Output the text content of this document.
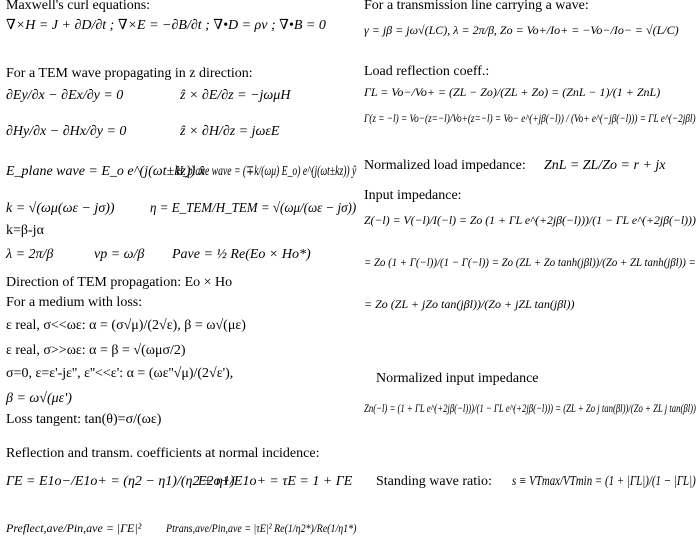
Maxwell's curl equations:
∇×H = J + ∂D/∂t ; ∇×E = −∂B/∂t ; ∇•D = ρv ; ∇•B = 0
For a TEM wave propagating in z direction:
∂Ey/∂x − ∂Ex/∂y = 0	ẑ × ∂E/∂z = −jωμH
∂Hy/∂x − ∂Hx/∂y = 0	ẑ × ∂H/∂z = jωεE
E_plane wave = E_o e^(j(ωt±kz)) x̂
H_plane wave = (∓k/(ωμ) E_o) e^(j(ωt±kz)) ŷ
k = √(ωμ(ωε − jσ))	η = E_TEM/H_TEM = √(ωμ/(ωε − jσ))
k=β-jα
λ = 2π/β	vp = ω/β Pave = ½ Re(Eo × Ho*)
Direction of TEM propagation: Eo × Ho
For a medium with loss:
ε real, σ<<ωε: α = (σ√μ)/(2√ε), β = ω√(με)
ε real, σ>>ωε: α = β = √(ωμσ/2)
σ=0, ε=ε'-jε'', ε''<<ε': α = (ωε''√μ)/(2√ε'),
β = ω√(με')
Loss tangent: tan(θ)=σ/(ωε)
Reflection and transm. coefficients at normal incidence:
ΓE = E1o−/E1o+ = (η2 − η1)/(η2 + η1)
E2o+/E1o+ = τE = 1 + ΓE
Preflect,ave/Pin,ave = |ΓE|² Ptrans,ave/Pin,ave = |τE|² Re(1/η2*)/Re(1/η1*)
For a transmission line carrying a wave:
γ = jβ = jω√(LC), λ = 2π/β, Zo = Vo+/Io+ = −Vo−/Io− = √(L/C)
Load reflection coeff.:
ΓL = Vo−/Vo+ = (ZL − Zo)/(ZL + Zo) = (ZnL − 1)/(1 + ZnL)
Γ(z = −l) = Vo−(z=−l)/Vo+(z=−l) = Vo− e^(+jβ(−l)) / (Vo+ e^(−jβ(−l))) = ΓL e^(−2jβl)
Normalized load impedance: ZnL = ZL/Zo = r + jx
Input impedance:
Z(−l) = V(−l)/I(−l) = Zo (1 + ΓL e^(+2jβ(−l)))/(1 − ΓL e^(+2jβ(−l)))
= Zo (1 + Γ(−l))/(1 − Γ(−l)) = Zo (ZL + Zo tanh(jβl))/(Zo + ZL tanh(jβl)) =
= Zo (ZL + jZo tan(jβl))/(Zo + jZL tan(jβl))
Normalized input impedance
Zn(−l) = (1 + ΓL e^(+2jβ(−l)))/(1 − ΓL e^(+2jβ(−l))) = (ZL + Zo j tan(βl))/(Zo + ZL j tan(βl))
Standing wave ratio: s ≡ VTmax/VTmin = (1 + |ΓL|)/(1 − |ΓL|)
